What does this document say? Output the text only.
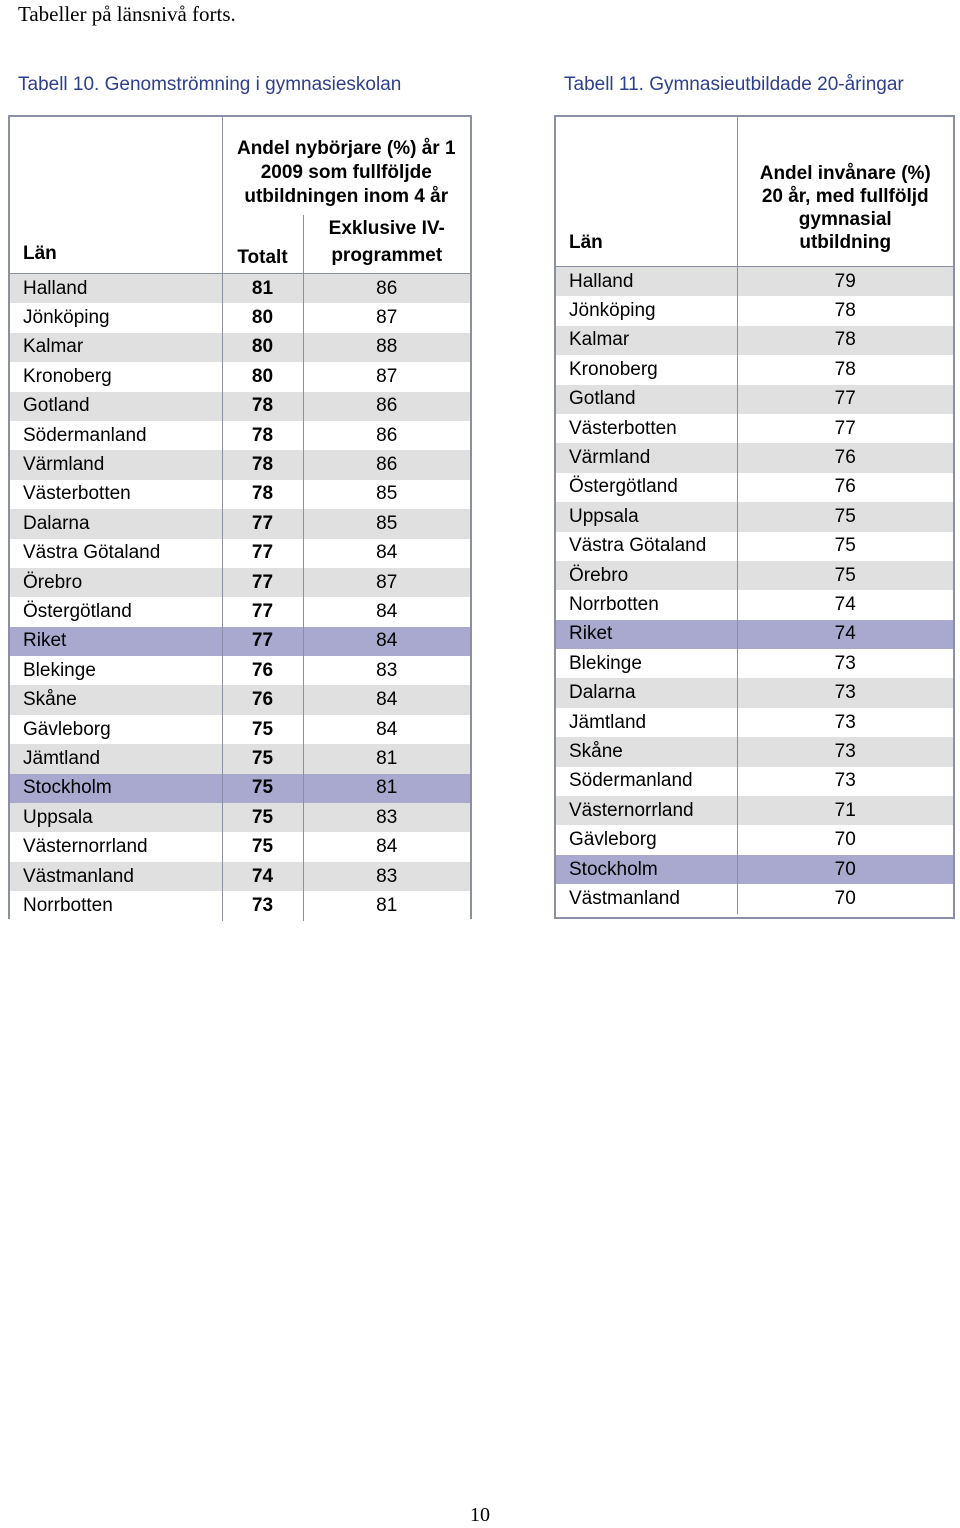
Tabeller på länsnivå forts.
Tabell 10. Genomströmning i gymnasieskolan	Tabell 11. Gymnasieutbildade 20-åringar
Län	Andel nybörjare (%) år 1 2009 som fullföljde utbildningen inom 4 år	
	Totalt	Exklusive IV-programmet
Halland	81	86
Jönköping	80	87
Kalmar	80	88
Kronoberg	80	87
Gotland	78	86
Södermanland	78	86
Värmland	78	86
Västerbotten	78	85
Dalarna	77	85
Västra Götaland	77	84
Örebro	77	87
Östergötland	77	84
Riket	77	84
Blekinge	76	83
Skåne	76	84
Gävleborg	75	84
Jämtland	75	81
Stockholm	75	81
Uppsala	75	83
Västernorrland	75	84
Västmanland	74	83
Norrbotten	73	81
Län	Andel invånare (%) 20 år, med fullföljd gymnasial utbildning
Halland	79
Jönköping	78
Kalmar	78
Kronoberg	78
Gotland	77
Västerbotten	77
Värmland	76
Östergötland	76
Uppsala	75
Västra Götaland	75
Örebro	75
Norrbotten	74
Riket	74
Blekinge	73
Dalarna	73
Jämtland	73
Skåne	73
Södermanland	73
Västernorrland	71
Gävleborg	70
Stockholm	70
Västmanland	70
10
